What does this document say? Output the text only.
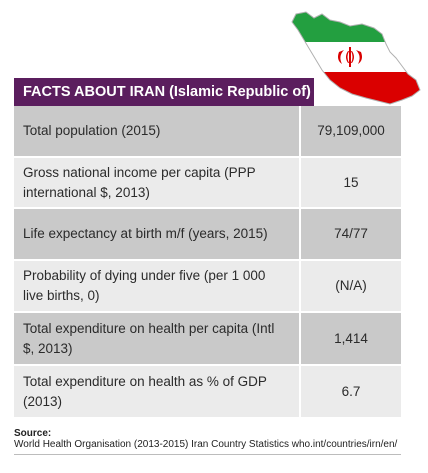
FACTS ABOUT IRAN (Islamic Republic of)
Total population (2015)	79,109,000
Gross national income per capita (PPP international $, 2013)	15
Life expectancy at birth m/f (years, 2015)	74/77
Probability of dying under five (per 1 000 live births, 0)	(N/A)
Total expenditure on health per capita (Intl $, 2013)	1,414
Total expenditure on health as % of GDP (2013)	6.7
Source:
World Health Organisation (2013-2015) Iran Country Statistics who.int/countries/irn/en/
